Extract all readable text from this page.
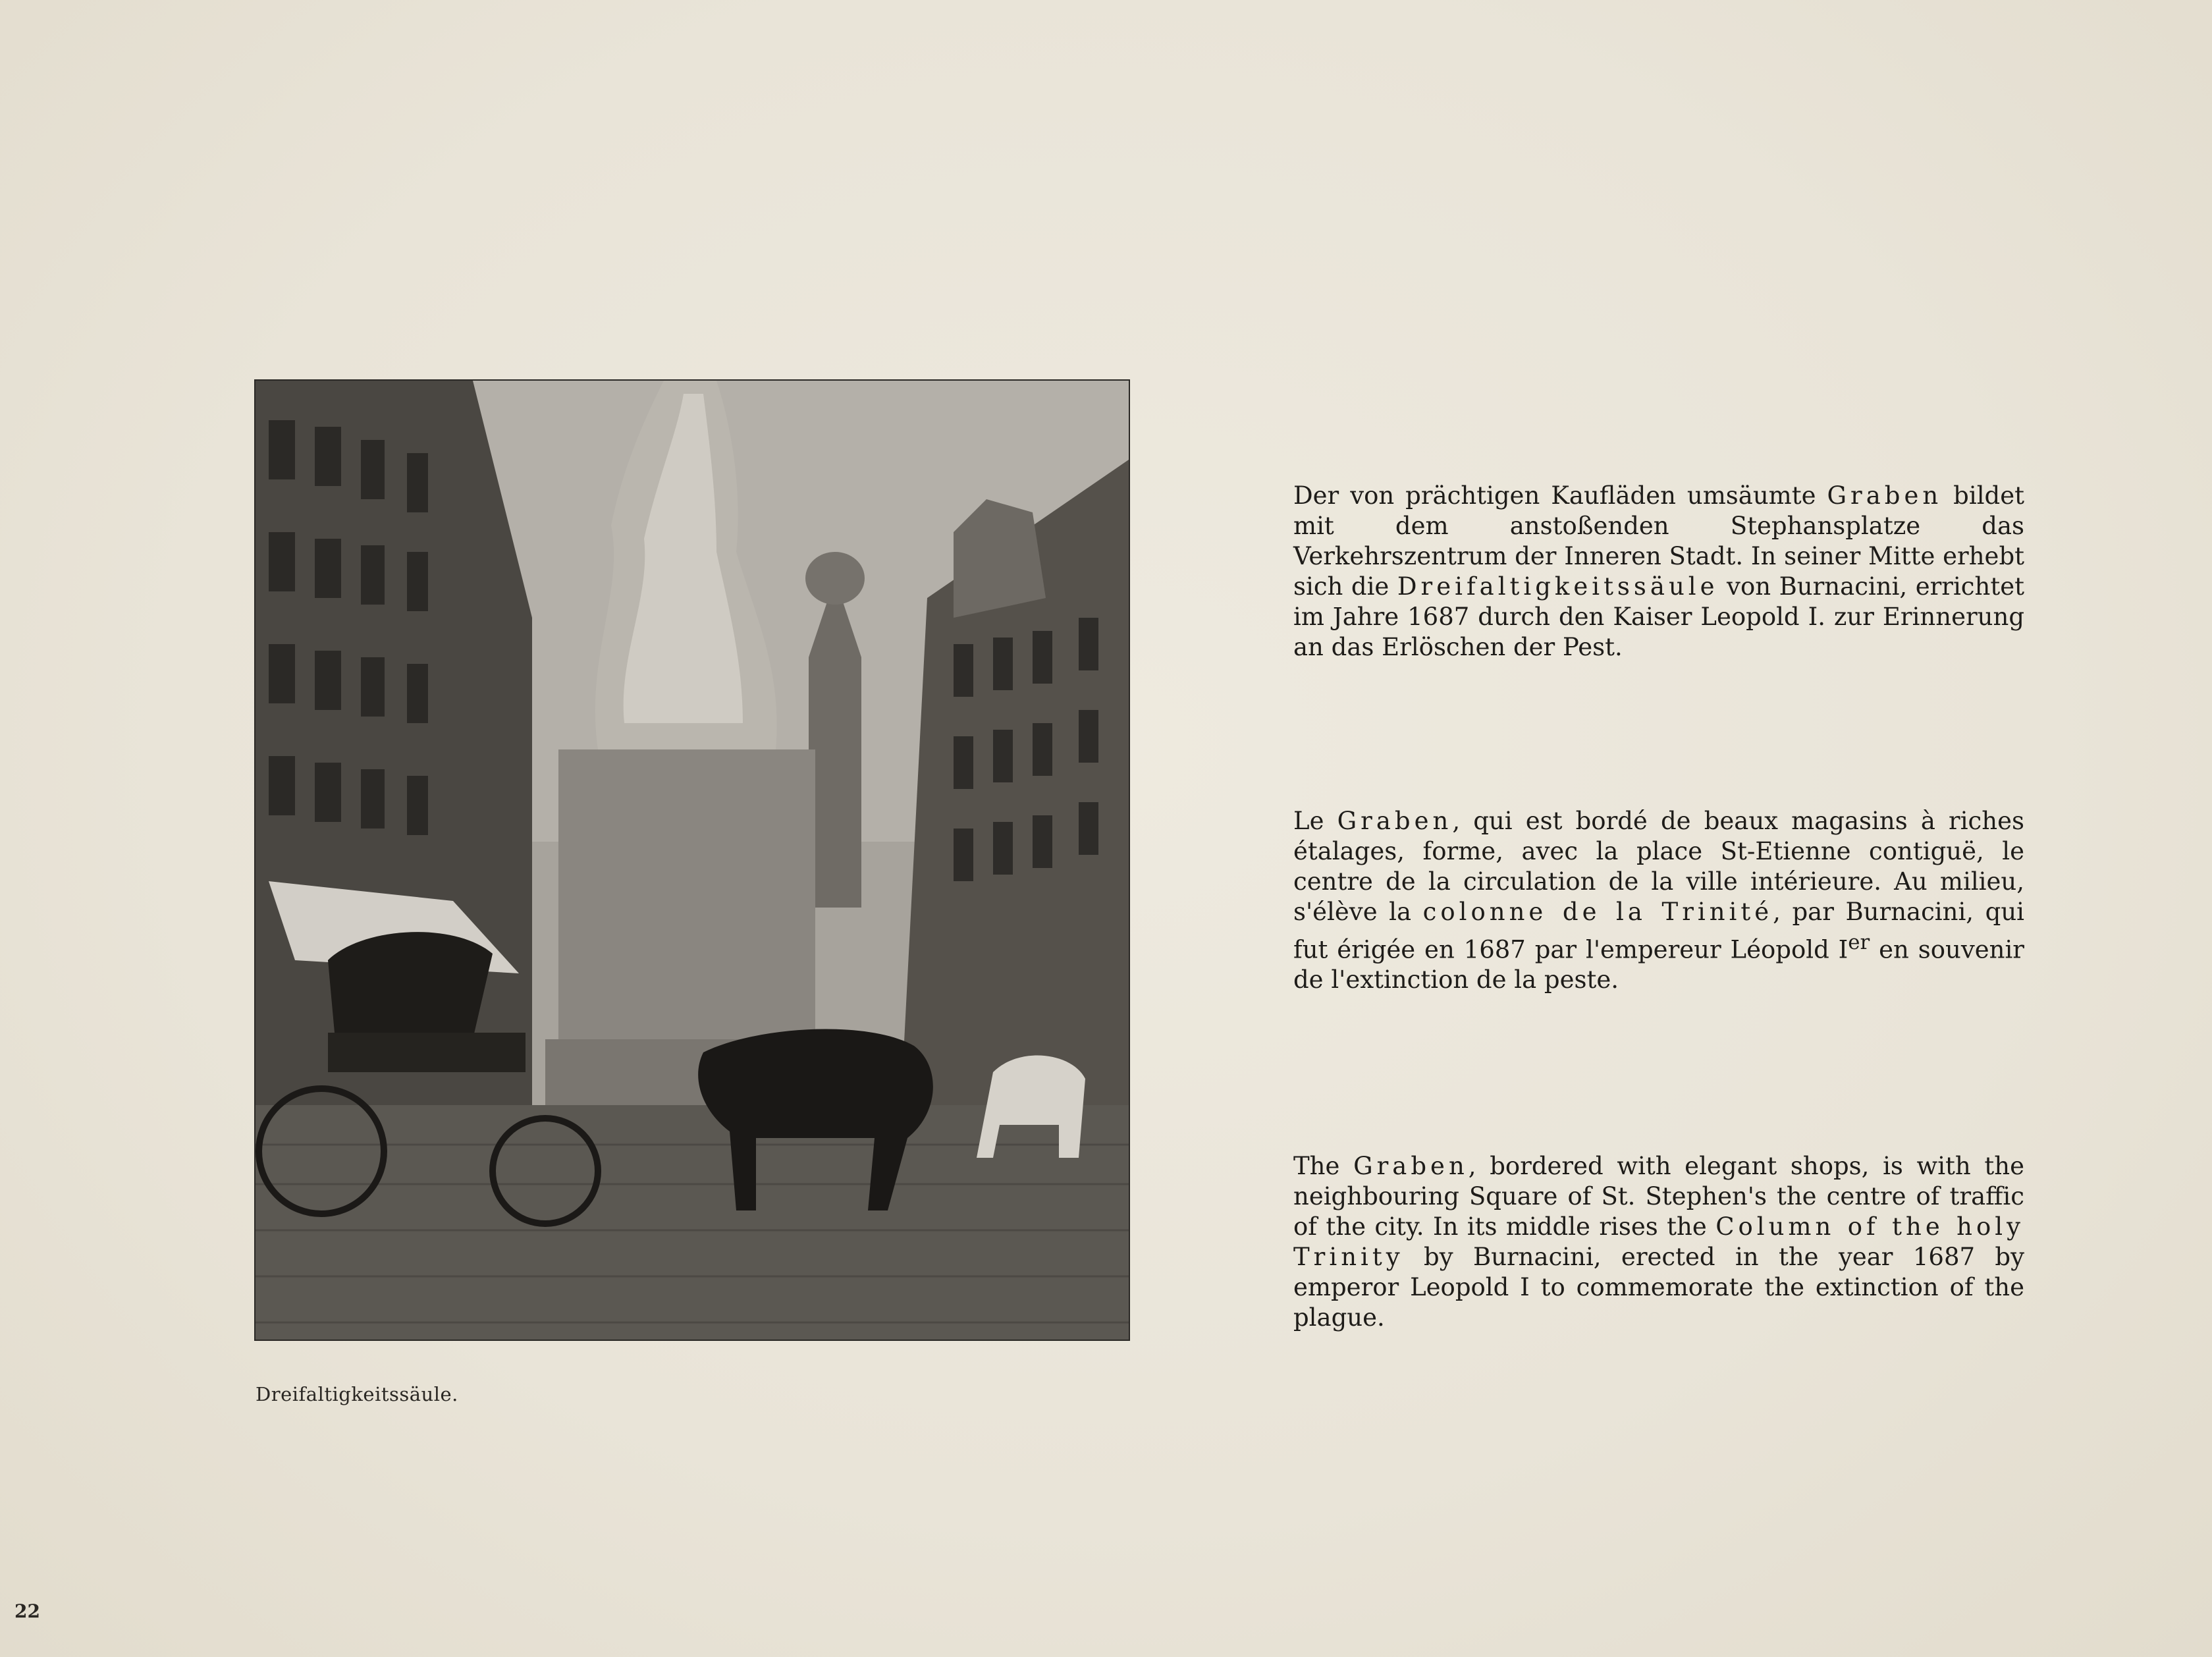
Dreifaltigkeitssäule.
Der von prächtigen Kaufläden umsäumte Graben bildet mit dem anstoßenden Stephansplatze das Verkehrszentrum der Inneren Stadt. In seiner Mitte erhebt sich die Dreifaltigkeitssäule von Burnacini, errichtet im Jahre 1687 durch den Kaiser Leopold I. zur Erinnerung an das Erlöschen der Pest.
Le Graben, qui est bordé de beaux magasins à riches étalages, forme, avec la place St-Etienne contiguë, le centre de la circulation de la ville intérieure. Au milieu, s'élève la colonne de la Trinité, par Burnacini, qui fut érigée en 1687 par l'empereur Léopold Ier en souvenir de l'extinction de la peste.
The Graben, bordered with elegant shops, is with the neighbouring Square of St. Stephen's the centre of traffic of the city. In its middle rises the Column of the holy Trinity by Burnacini, erected in the year 1687 by emperor Leopold I to commemorate the extinction of the plague.
22
